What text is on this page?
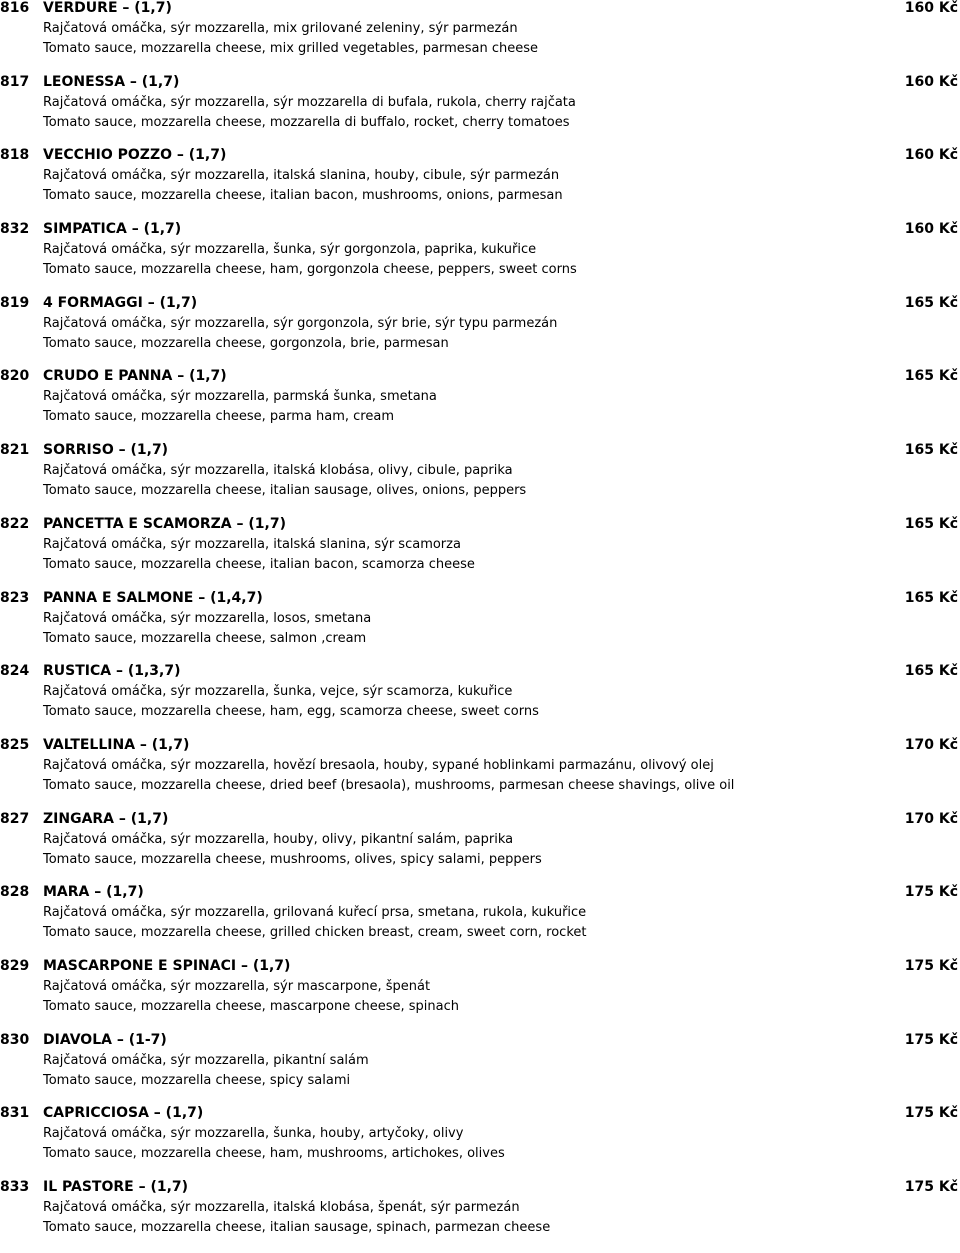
816 VERDURE – (1,7)	160 Kč
Rajčatová omáčka, sýr mozzarella, mix grilované zeleniny, sýr parmezán
Tomato sauce, mozzarella cheese, mix grilled vegetables, parmesan cheese
817 LEONESSA – (1,7)	160 Kč
Rajčatová omáčka, sýr mozzarella, sýr mozzarella di bufala, rukola, cherry rajčata
Tomato sauce, mozzarella cheese, mozzarella di buffalo, rocket, cherry tomatoes
818 VECCHIO POZZO – (1,7)	160 Kč
Rajčatová omáčka, sýr mozzarella, italská slanina, houby, cibule, sýr parmezán
Tomato sauce, mozzarella cheese, italian bacon, mushrooms, onions, parmesan
832 SIMPATICA – (1,7)	160 Kč
Rajčatová omáčka, sýr mozzarella, šunka, sýr gorgonzola, paprika, kukuřice
Tomato sauce, mozzarella cheese, ham, gorgonzola cheese, peppers, sweet corns
819 4 FORMAGGI – (1,7)	165 Kč
Rajčatová omáčka, sýr mozzarella, sýr gorgonzola, sýr brie, sýr typu parmezán
Tomato sauce, mozzarella cheese, gorgonzola, brie, parmesan
820 CRUDO E PANNA – (1,7)	165 Kč
Rajčatová omáčka, sýr mozzarella, parmská šunka, smetana
Tomato sauce, mozzarella cheese, parma ham, cream
821 SORRISO – (1,7)	165 Kč
Rajčatová omáčka, sýr mozzarella, italská klobása, olivy, cibule, paprika
Tomato sauce, mozzarella cheese, italian sausage, olives, onions, peppers
822 PANCETTA E SCAMORZA – (1,7)	165 Kč
Rajčatová omáčka, sýr mozzarella, italská slanina, sýr scamorza
Tomato sauce, mozzarella cheese, italian bacon, scamorza cheese
823 PANNA E SALMONE – (1,4,7)	165 Kč
Rajčatová omáčka, sýr mozzarella, losos, smetana
Tomato sauce, mozzarella cheese, salmon ,cream
824 RUSTICA – (1,3,7)	165 Kč
Rajčatová omáčka, sýr mozzarella, šunka, vejce, sýr scamorza, kukuřice
Tomato sauce, mozzarella cheese, ham, egg, scamorza cheese, sweet corns
825 VALTELLINA – (1,7)	170 Kč
Rajčatová omáčka, sýr mozzarella, hovězí bresaola, houby, sypané hoblinkami parmazánu, olivový olej
Tomato sauce, mozzarella cheese, dried beef (bresaola), mushrooms, parmesan cheese shavings, olive oil
827 ZINGARA – (1,7)	170 Kč
Rajčatová omáčka, sýr mozzarella, houby, olivy, pikantní salám, paprika
Tomato sauce, mozzarella cheese, mushrooms, olives, spicy salami, peppers
828 MARA – (1,7)	175 Kč
Rajčatová omáčka, sýr mozzarella, grilovaná kuřecí prsa, smetana, rukola, kukuřice
Tomato sauce, mozzarella cheese, grilled chicken breast, cream, sweet corn, rocket
829 MASCARPONE E SPINACI – (1,7)	175 Kč
Rajčatová omáčka, sýr mozzarella, sýr mascarpone, špenát
Tomato sauce, mozzarella cheese, mascarpone cheese, spinach
830 DIAVOLA – (1-7)	175 Kč
Rajčatová omáčka, sýr mozzarella, pikantní salám
Tomato sauce, mozzarella cheese, spicy salami
831 CAPRICCIOSA – (1,7)	175 Kč
Rajčatová omáčka, sýr mozzarella, šunka, houby, artyčoky, olivy
Tomato sauce, mozzarella cheese, ham, mushrooms, artichokes, olives
833 IL PASTORE – (1,7)	175 Kč
Rajčatová omáčka, sýr mozzarella, italská klobása, špenát, sýr parmezán
Tomato sauce, mozzarella cheese, italian sausage, spinach, parmezan cheese
